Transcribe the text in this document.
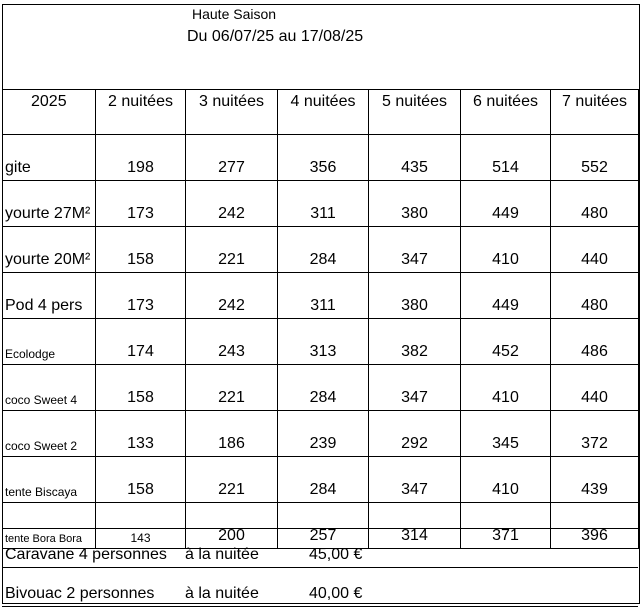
Haute Saison
Du 06/07/25 au 17/08/25
2025	2 nuitées	3 nuitées	4 nuitées	5 nuitées	6 nuitées	7 nuitées
gite	198	277	356	435	514	552
yourte 27M²	173	242	311	380	449	480
yourte 20M²	158	221	284	347	410	440
Pod 4 pers	173	242	311	380	449	480
Ecolodge	174	243	313	382	452	486
coco Sweet 4	158	221	284	347	410	440
coco Sweet 2	133	186	239	292	345	372
tente Biscaya	158	221	284	347	410	439
tente Bora Bora	143	200	257	314	371	396
Caravane 4 personnes à la nuitée	45,00 €
Bivouac 2 personnes à la nuitée	40,00 €
